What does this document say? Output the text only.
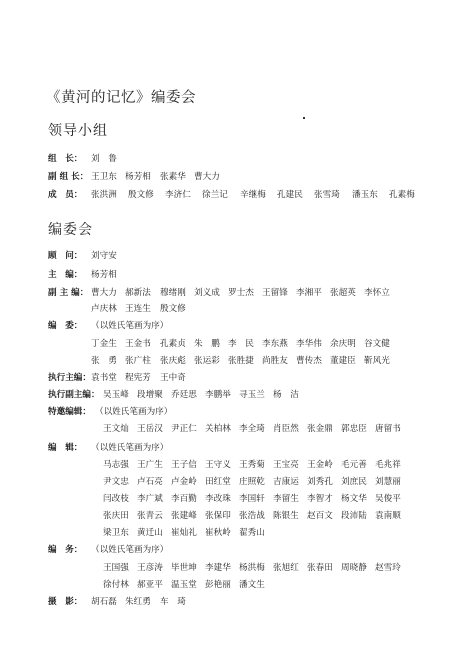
《黄河的记忆》编委会
领导小组
组　长： 刘　鲁
副 组 长： 王卫东 杨芳相 张素华 曹大力
成　员： 张洪洲 殷文修 李济仁 徐兰记 辛继梅 孔建民 张雪琦 潘玉东 孔素梅
编委会
顾　问： 刘守安
主　编： 杨芳相
副 主 编： 曹大力 郝新法 穆绪刚 刘义成 罗士杰 王留锋 李湘平 张超英 李怀立
卢庆林 王连生 殷文修
编　委： （以姓氏笔画为序）
丁金生 王金书 孔素贞 朱　鹏 李　民 李东燕 李华伟 余庆明 谷文健
张　勇 张广柱 张庆彪 张运彩 张胜捷 尚胜友 曹传杰 董建臣 靳风光
执行主编： 袁书堂 程宪芳 王中奇
执行副主编： 吴玉峰 段增聚 乔廷思 李鹏举 寻玉兰 杨　洁
特邀编辑： （以姓氏笔画为序）
王文灿 王岳汉 尹正仁 关柏林 李全琦 肖臣然 张金鼎 郭忠臣 唐留书
编　辑： （以姓氏笔画为序）
马志强 王广生 王子信 王守义 王秀菊 王宝亮 王金岭 毛元善 毛兆祥
尹文忠 卢石亮 卢金岭 田红堂 庄照乾 吉康运 刘秀孔 刘庶民 刘慧丽
闫改枝 李广斌 李百勤 李改珠 李国轩 李留生 李智才 杨文华 吴俊平
张庆田 张青云 张建峰 张保印 张浩战 陈银生 赵百文 段沛陆 袁南顺
梁卫东 黄迁山 崔灿礼 崔秋岭 翟秀山
编　务： （以姓氏笔画为序）
王国强 王彦涛 毕世坤 李建华 杨洪梅 张旭红 张春田 周晓静 赵雪玲
徐付林 郝亚平 温玉堂 彭艳丽 潘文生
摄　影： 胡石磊 朱红勇 车　琦
